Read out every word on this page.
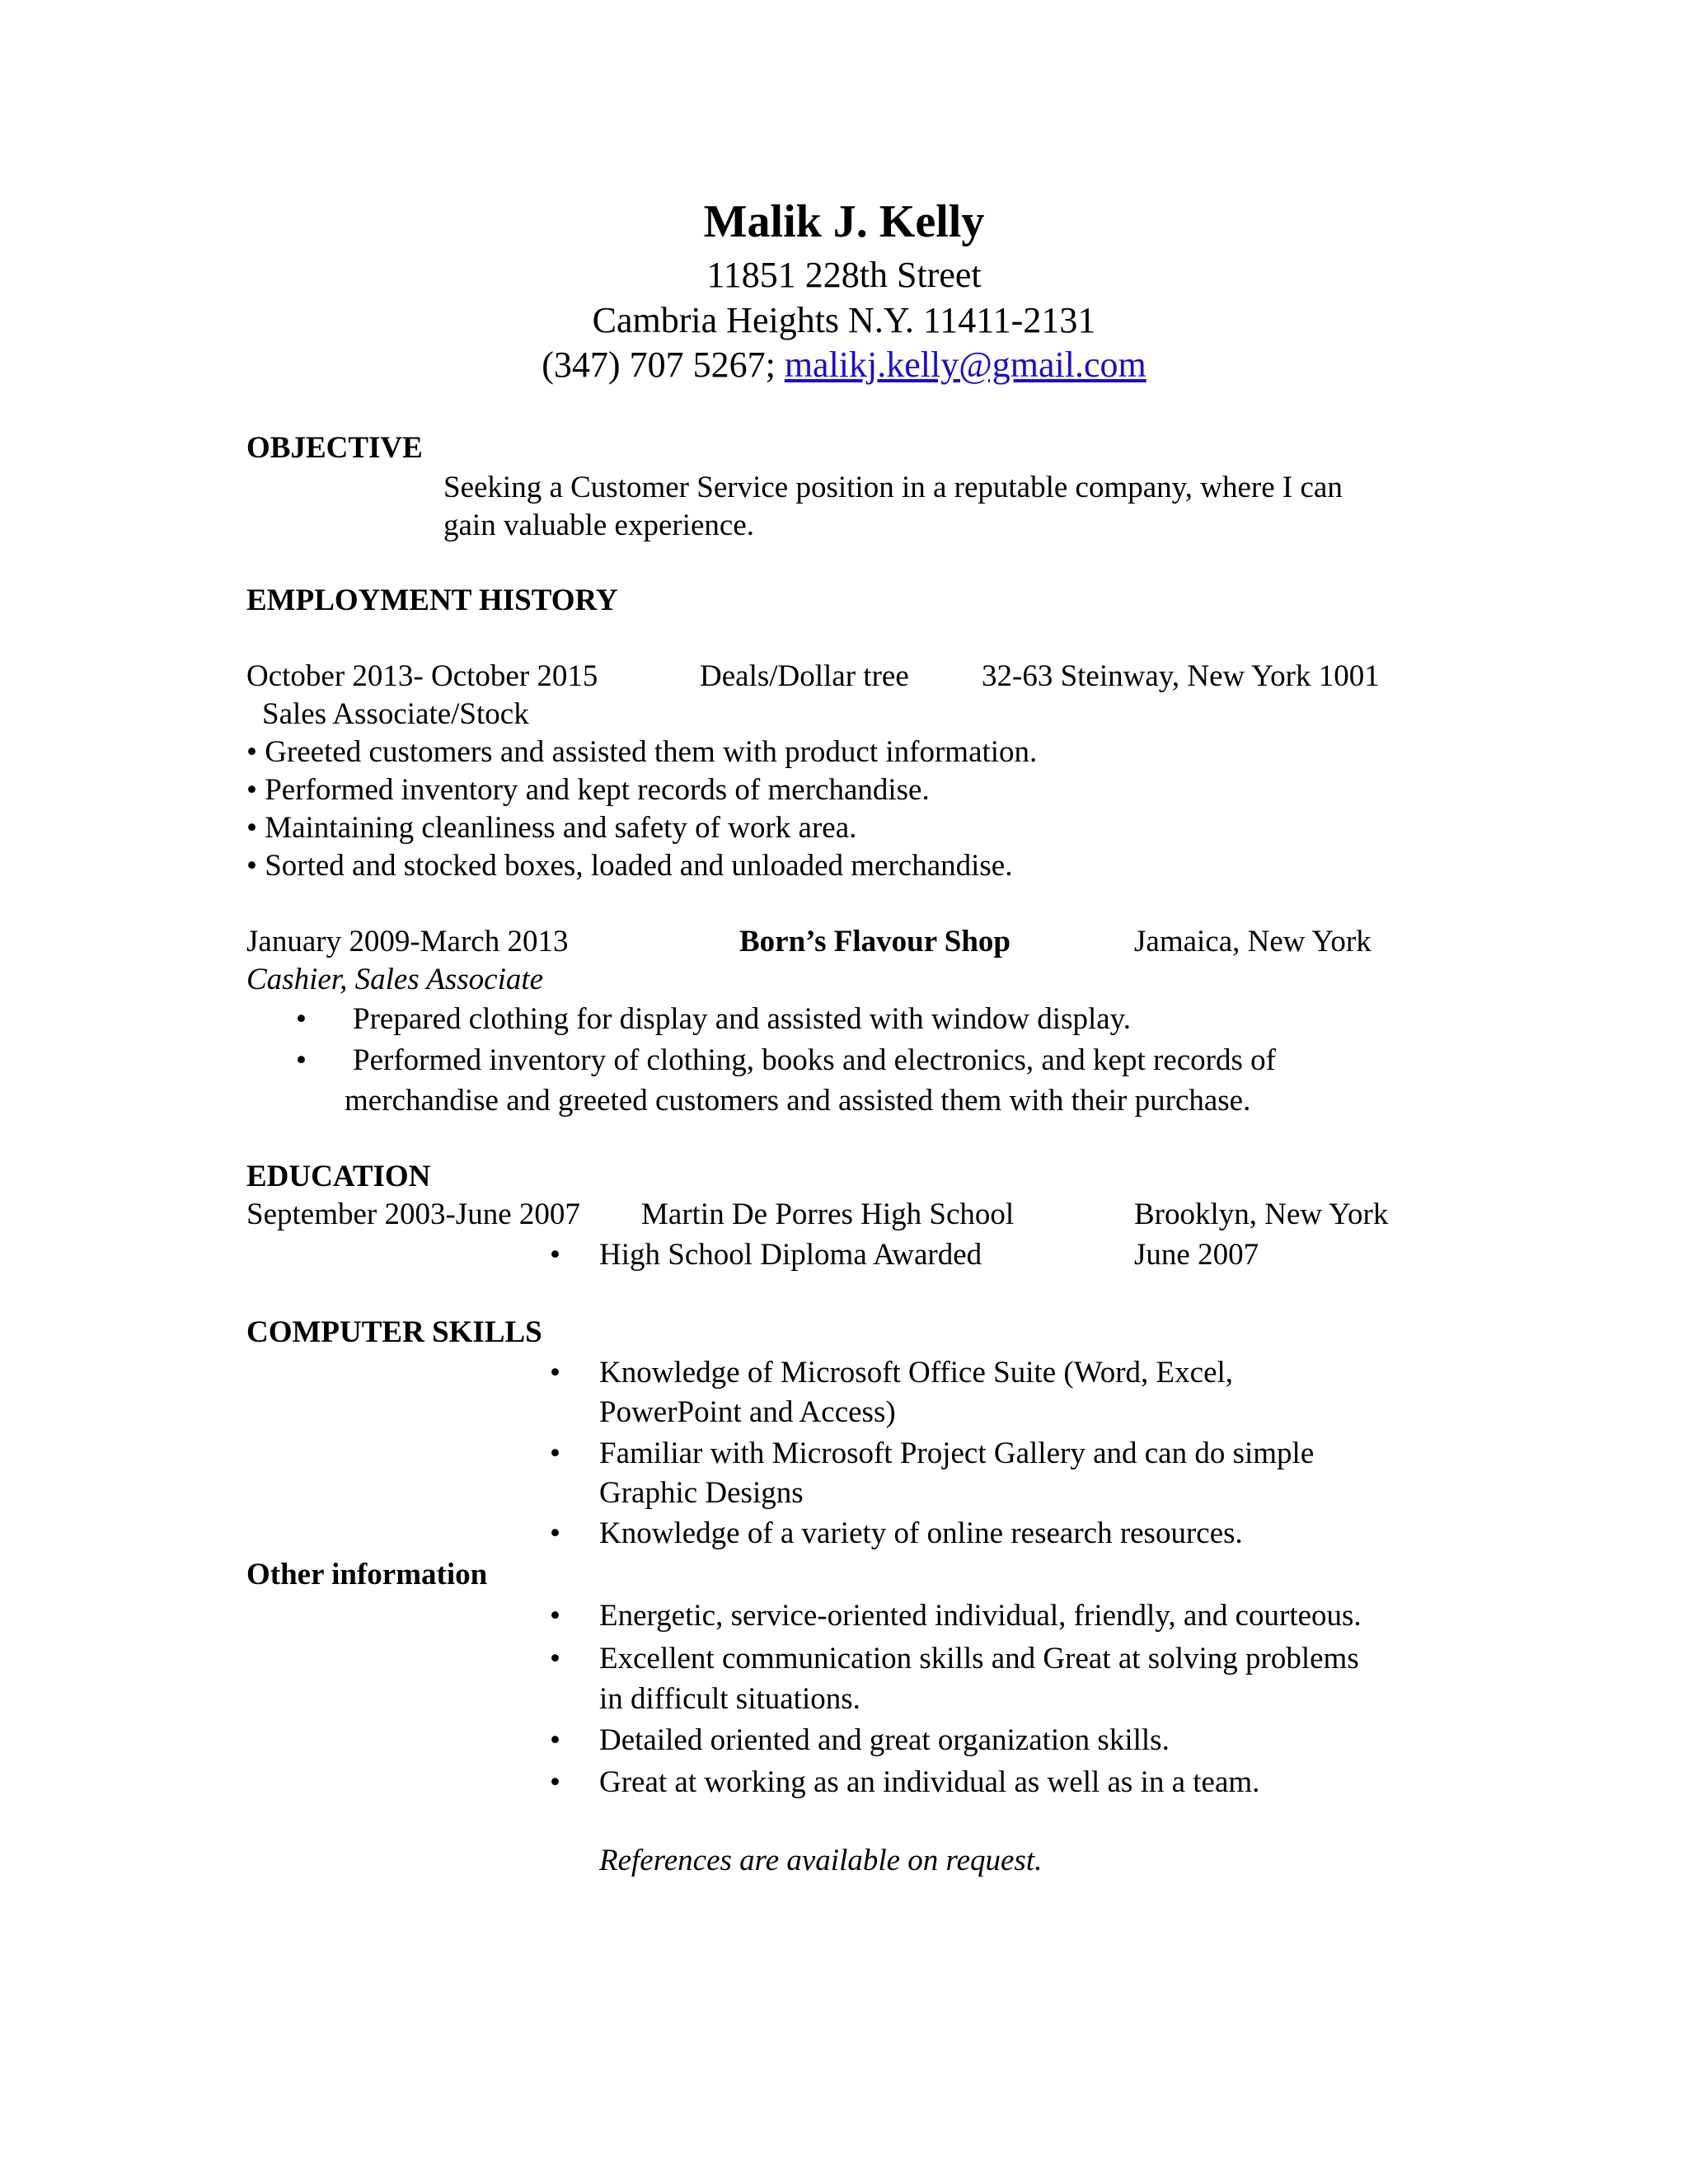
Malik J. Kelly
11851 228th Street
Cambria Heights N.Y. 11411-2131
(347) 707 5267; malikj.kelly@gmail.com
OBJECTIVE
Seeking a Customer Service position in a reputable company, where I can
gain valuable experience.
EMPLOYMENT HISTORY
October 2013- October 2015	Deals/Dollar tree 32-63 Steinway, New York 1001
Sales Associate/Stock
• Greeted customers and assisted them with product information.
• Performed inventory and kept records of merchandise.
• Maintaining cleanliness and safety of work area.
• Sorted and stocked boxes, loaded and unloaded merchandise.
January 2009-March 2013	Born’s Flavour Shop	Jamaica, New York
Cashier, Sales Associate
• Prepared clothing for display and assisted with window display.
• Performed inventory of clothing, books and electronics, and kept records of
merchandise and greeted customers and assisted them with their purchase.
EDUCATION
September 2003-June 2007 Martin De Porres High School	Brooklyn, New York
• High School Diploma Awarded	June 2007
COMPUTER SKILLS
• Knowledge of Microsoft Office Suite (Word, Excel,
PowerPoint and Access)
• Familiar with Microsoft Project Gallery and can do simple
Graphic Designs
• Knowledge of a variety of online research resources.
Other information
• Energetic, service-oriented individual, friendly, and courteous.
• Excellent communication skills and Great at solving problems
in difficult situations.
• Detailed oriented and great organization skills.
• Great at working as an individual as well as in a team.
References are available on request.
